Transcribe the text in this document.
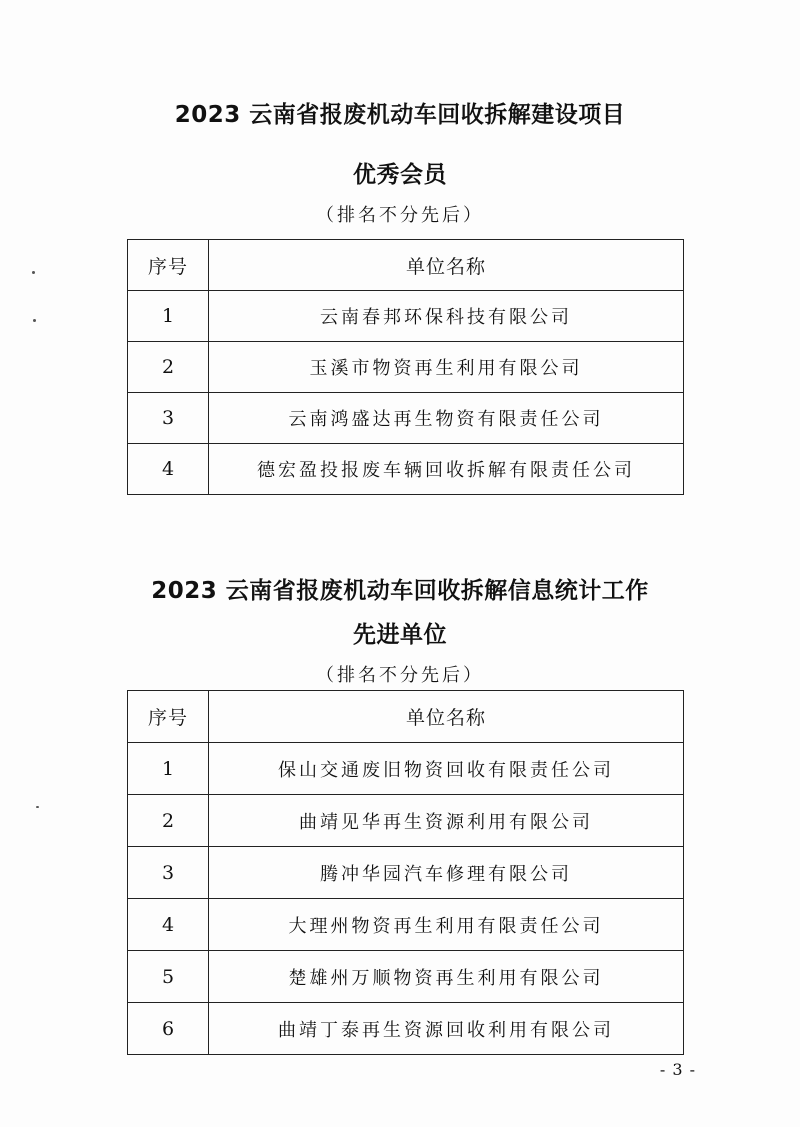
2023 云南省报废机动车回收拆解建设项目
优秀会员
（排名不分先后）
序号	单位名称
1	云南春邦环保科技有限公司
2	玉溪市物资再生利用有限公司
3	云南鸿盛达再生物资有限责任公司
4	德宏盈投报废车辆回收拆解有限责任公司
2023 云南省报废机动车回收拆解信息统计工作
先进单位
（排名不分先后）
序号	单位名称
1	保山交通废旧物资回收有限责任公司
2	曲靖见华再生资源利用有限公司
3	腾冲华园汽车修理有限公司
4	大理州物资再生利用有限责任公司
5	楚雄州万顺物资再生利用有限公司
6	曲靖丁泰再生资源回收利用有限公司
- 3 -
